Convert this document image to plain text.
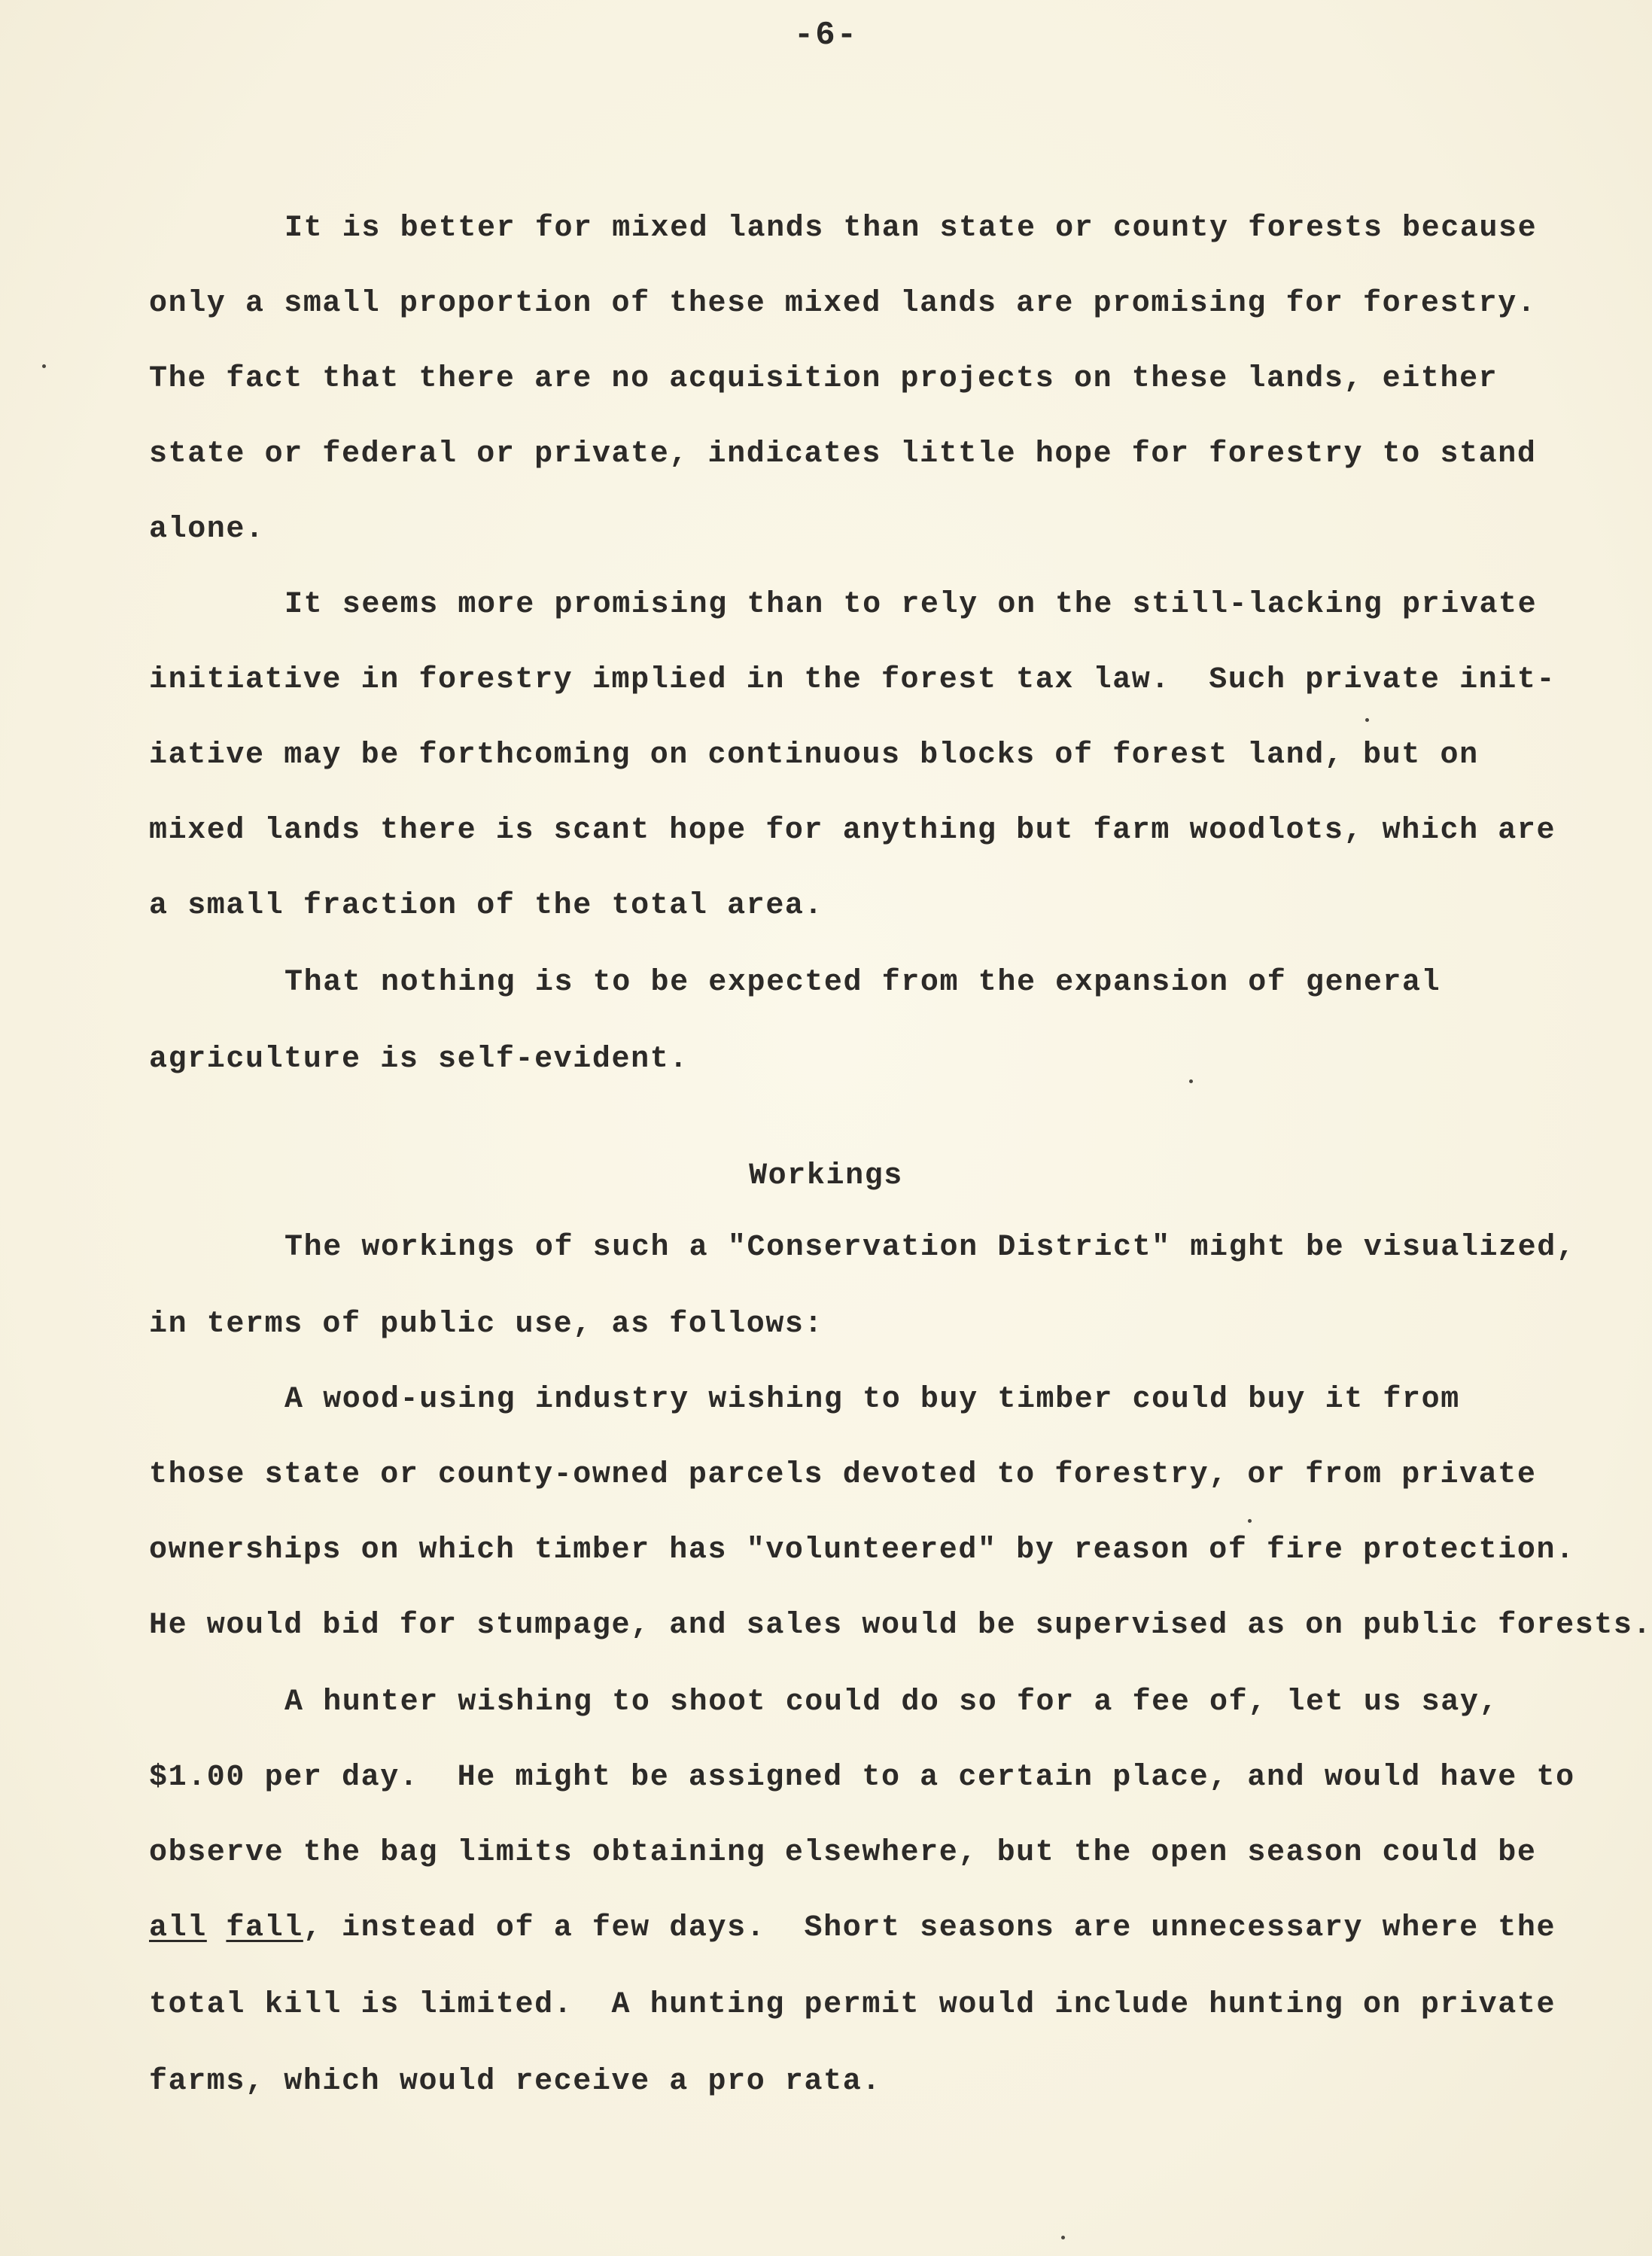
-6-
It is better for mixed lands than state or county forests because
only a small proportion of these mixed lands are promising for forestry.
The fact that there are no acquisition projects on these lands, either
state or federal or private, indicates little hope for forestry to stand
alone.
It seems more promising than to rely on the still-lacking private
initiative in forestry implied in the forest tax law.  Such private init-
iative may be forthcoming on continuous blocks of forest land, but on
mixed lands there is scant hope for anything but farm woodlots, which are
a small fraction of the total area.
That nothing is to be expected from the expansion of general
agriculture is self-evident.
Workings
The workings of such a "Conservation District" might be visualized,
in terms of public use, as follows:
A wood-using industry wishing to buy timber could buy it from
those state or county-owned parcels devoted to forestry, or from private
ownerships on which timber has "volunteered" by reason of fire protection.
He would bid for stumpage, and sales would be supervised as on public forests.
A hunter wishing to shoot could do so for a fee of, let us say,
$1.00 per day.  He might be assigned to a certain place, and would have to
observe the bag limits obtaining elsewhere, but the open season could be
all fall, instead of a few days.  Short seasons are unnecessary where the
total kill is limited.  A hunting permit would include hunting on private
farms, which would receive a pro rata.
